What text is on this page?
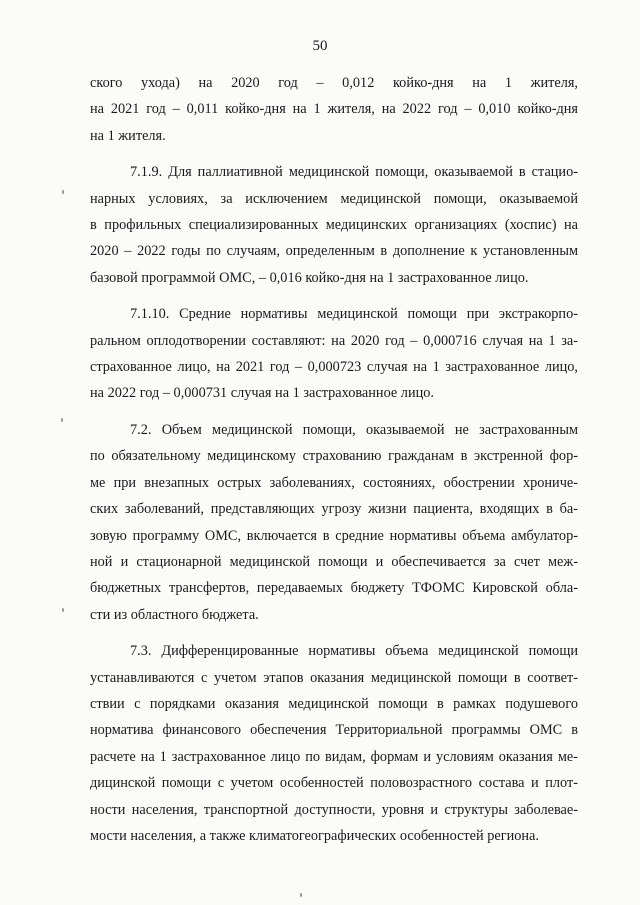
50

ского ухода) на 2020 год – 0,012 койко-дня на 1 жителя,
на 2021 год – 0,011 койко-дня на 1 жителя, на 2022 год – 0,010 койко-дня
на 1 жителя.

7.1.9. Для паллиативной медицинской помощи, оказываемой в стацио-
нарных условиях, за исключением медицинской помощи, оказываемой
в профильных специализированных медицинских организациях (хоспис) на
2020 – 2022 годы по случаям, определенным в дополнение к установленным
базовой программой ОМС, – 0,016 койко-дня на 1 застрахованное лицо.

7.1.10. Средние нормативы медицинской помощи при экстракорпо-
ральном оплодотворении составляют: на 2020 год – 0,000716 случая на 1 за-
страхованное лицо, на 2021 год – 0,000723 случая на 1 застрахованное лицо,
на 2022 год – 0,000731 случая на 1 застрахованное лицо.

7.2. Объем медицинской помощи, оказываемой не застрахованным
по обязательному медицинскому страхованию гражданам в экстренной фор-
ме при внезапных острых заболеваниях, состояниях, обострении хрониче-
ских заболеваний, представляющих угрозу жизни пациента, входящих в ба-
зовую программу ОМС, включается в средние нормативы объема амбулатор-
ной и стационарной медицинской помощи и обеспечивается за счет меж-
бюджетных трансфертов, передаваемых бюджету ТФОМС Кировской обла-
сти из областного бюджета.

7.3. Дифференцированные нормативы объема медицинской помощи
устанавливаются с учетом этапов оказания медицинской помощи в соответ-
ствии с порядками оказания медицинской помощи в рамках подушевого
норматива финансового обеспечения Территориальной программы ОМС в
расчете на 1 застрахованное лицо по видам, формам и условиям оказания ме-
дицинской помощи с учетом особенностей половозрастного состава и плот-
ности населения, транспортной доступности, уровня и структуры заболевае-
мости населения, а также климатогеографических особенностей региона.
